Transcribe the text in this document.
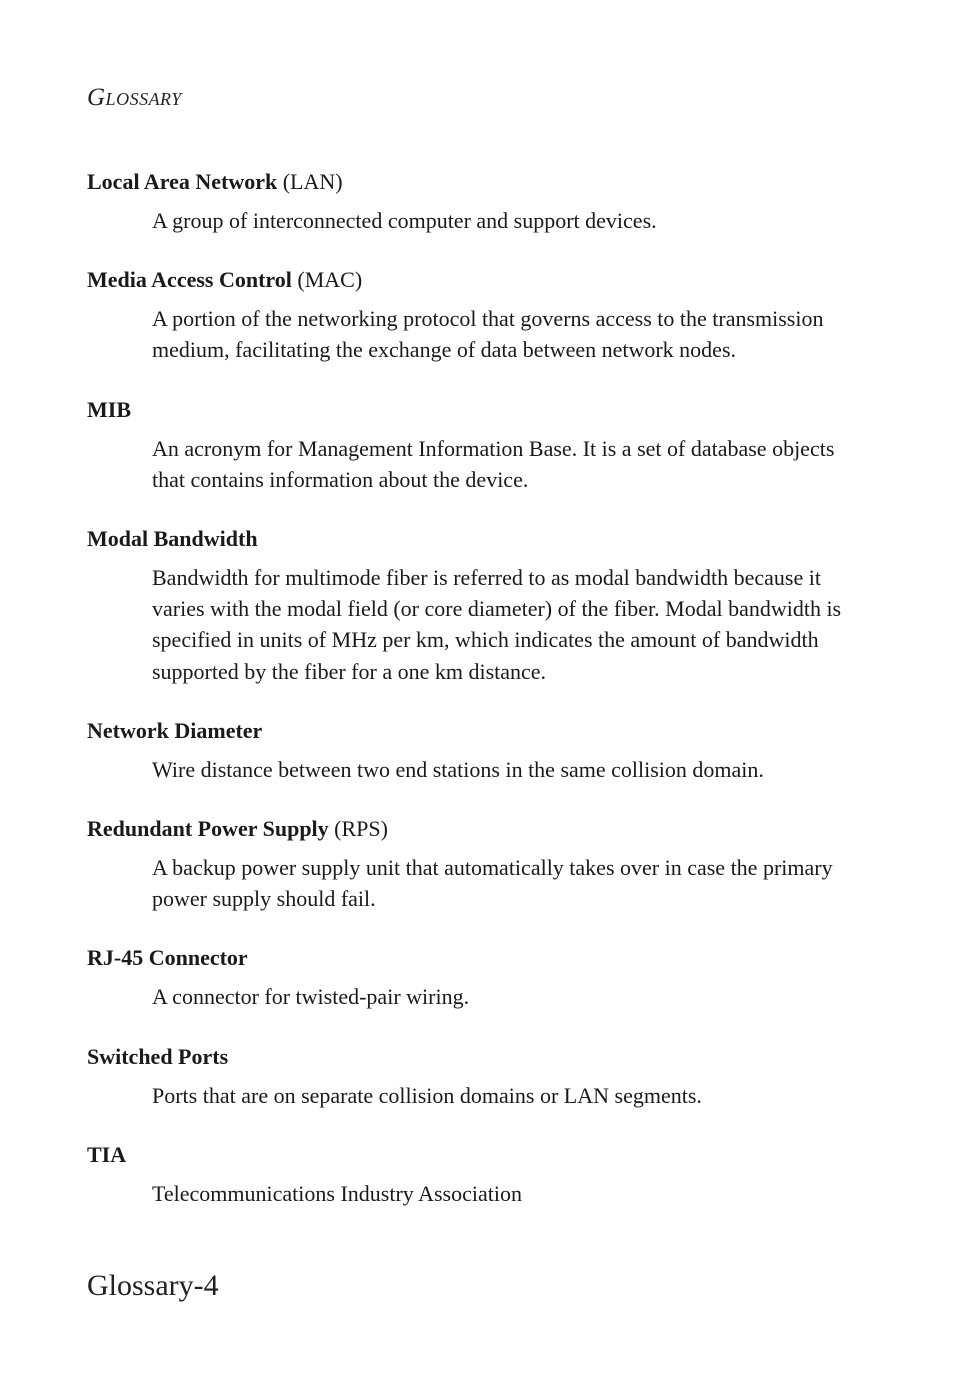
Glossary

Local Area Network (LAN)

A group of interconnected computer and support devices.

Media Access Control (MAC)

A portion of the networking protocol that governs access to the transmission medium, facilitating the exchange of data between network nodes.

MIB

An acronym for Management Information Base. It is a set of database objects that contains information about the device.

Modal Bandwidth

Bandwidth for multimode fiber is referred to as modal bandwidth because it varies with the modal field (or core diameter) of the fiber. Modal bandwidth is specified in units of MHz per km, which indicates the amount of bandwidth supported by the fiber for a one km distance.

Network Diameter

Wire distance between two end stations in the same collision domain.

Redundant Power Supply (RPS)

A backup power supply unit that automatically takes over in case the primary power supply should fail.

RJ-45 Connector

A connector for twisted-pair wiring.

Switched Ports

Ports that are on separate collision domains or LAN segments.

TIA

Telecommunications Industry Association

Glossary-4
